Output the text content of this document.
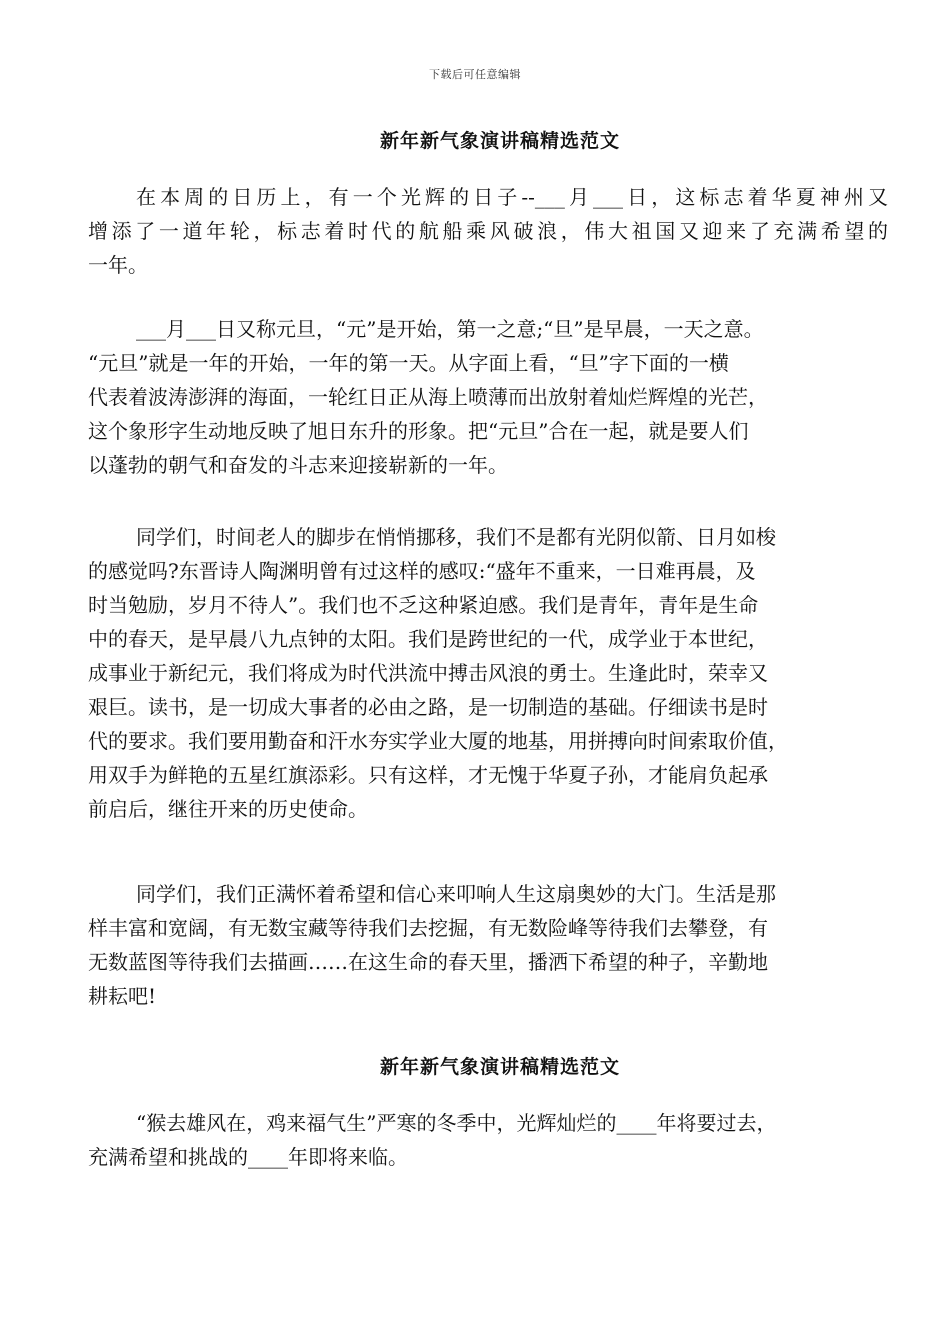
下载后可任意编辑
新年新气象演讲稿精选范文
在本周的日历上，有一个光辉的日子--___月___日，这标志着华夏神州又
增添了一道年轮，标志着时代的航船乘风破浪，伟大祖国又迎来了充满希望的
一年。
___月___日又称元旦，“元”是开始，第一之意;“旦”是早晨，一天之意。
“元旦”就是一年的开始，一年的第一天。从字面上看，“旦”字下面的一横
代表着波涛澎湃的海面，一轮红日正从海上喷薄而出放射着灿烂辉煌的光芒，
这个象形字生动地反映了旭日东升的形象。把“元旦”合在一起，就是要人们
以蓬勃的朝气和奋发的斗志来迎接崭新的一年。
同学们，时间老人的脚步在悄悄挪移，我们不是都有光阴似箭、日月如梭
的感觉吗?东晋诗人陶渊明曾有过这样的感叹:“盛年不重来，一日难再晨，及
时当勉励，岁月不待人”。我们也不乏这种紧迫感。我们是青年，青年是生命
中的春天，是早晨八九点钟的太阳。我们是跨世纪的一代，成学业于本世纪，
成事业于新纪元，我们将成为时代洪流中搏击风浪的勇士。生逢此时，荣幸又
艰巨。读书，是一切成大事者的必由之路，是一切制造的基础。仔细读书是时
代的要求。我们要用勤奋和汗水夯实学业大厦的地基，用拼搏向时间索取价值，
用双手为鲜艳的五星红旗添彩。只有这样，才无愧于华夏子孙，才能肩负起承
前启后，继往开来的历史使命。
同学们，我们正满怀着希望和信心来叩响人生这扇奥妙的大门。生活是那
样丰富和宽阔，有无数宝藏等待我们去挖掘，有无数险峰等待我们去攀登，有
无数蓝图等待我们去描画……在这生命的春天里，播洒下希望的种子，辛勤地
耕耘吧!
新年新气象演讲稿精选范文
“猴去雄风在，鸡来福气生”严寒的冬季中，光辉灿烂的____年将要过去，
充满希望和挑战的____年即将来临。
